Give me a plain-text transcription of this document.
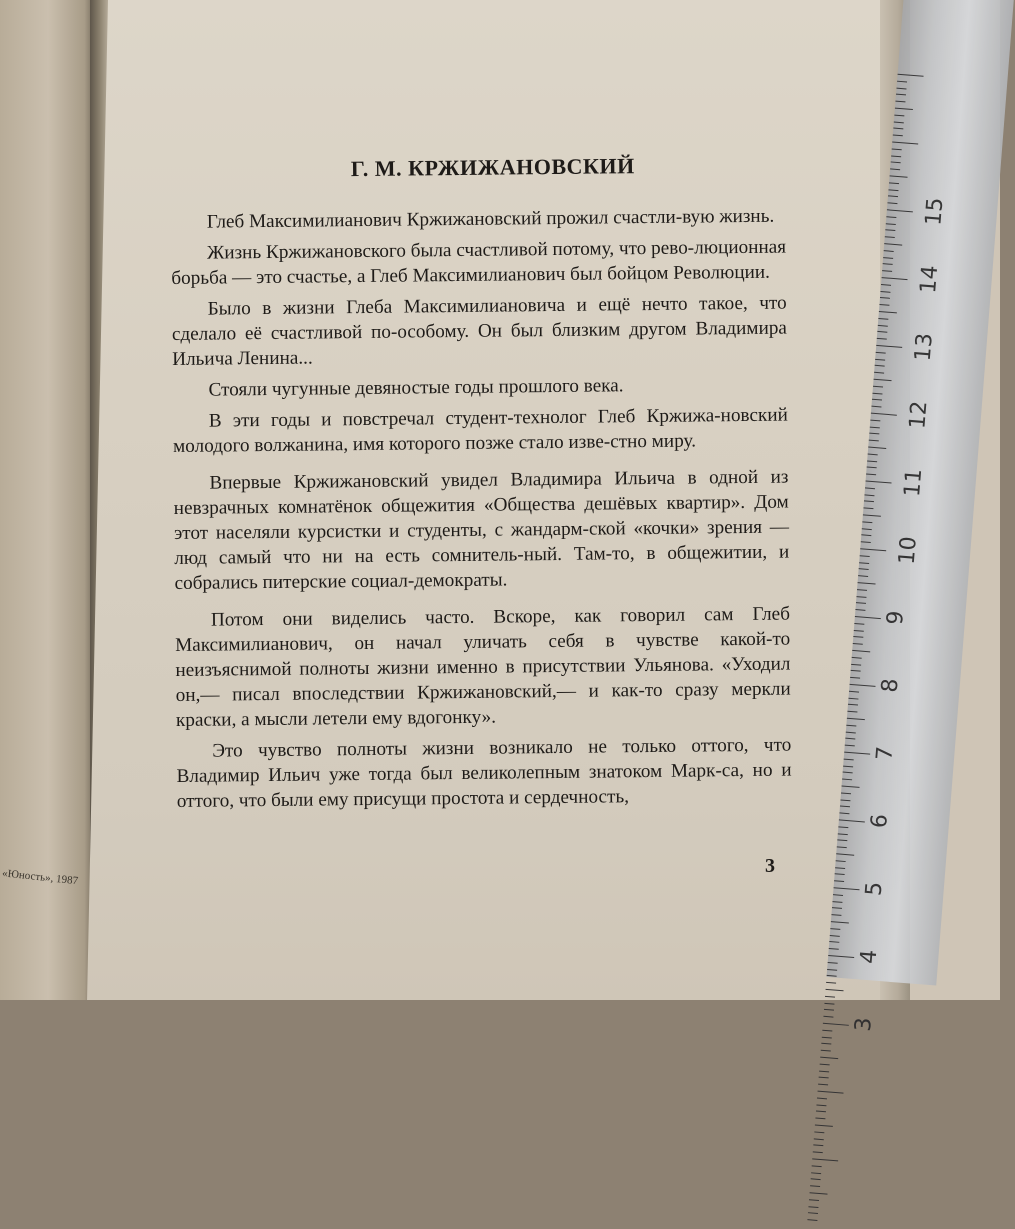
«Юность», 1987
15
14
13
12
11
10
9
8
7
6
5
4
3
Г. М. КРЖИЖАНОВСКИЙ

Глеб Максимилианович Кржижановский прожил счастли-вую жизнь.

Жизнь Кржижановского была счастливой потому, что рево-люционная борьба — это счастье, а Глеб Максимилианович был бойцом Революции.

Было в жизни Глеба Максимилиановича и ещё нечто такое, что сделало её счастливой по-особому. Он был близким другом Владимира Ильича Ленина...

Стояли чугунные девяностые годы прошлого века.

В эти годы и повстречал студент-технолог Глеб Кржижа-новский молодого волжанина, имя которого позже стало изве-стно миру.

Впервые Кржижановский увидел Владимира Ильича в одной из невзрачных комнатёнок общежития «Общества дешёвых квартир». Дом этот населяли курсистки и студенты, с жандарм-ской «кочки» зрения — люд самый что ни на есть сомнитель-ный. Там-то, в общежитии, и собрались питерские социал-демократы.

Потом они виделись часто. Вскоре, как говорил сам Глеб Максимилианович, он начал уличать себя в чувстве какой-то неизъяснимой полноты жизни именно в присутствии Ульянова. «Уходил он,— писал впоследствии Кржижановский,— и как-то сразу меркли краски, а мысли летели ему вдогонку».

Это чувство полноты жизни возникало не только оттого, что Владимир Ильич уже тогда был великолепным знатоком Марк-са, но и оттого, что были ему присущи простота и сердечность,

3
